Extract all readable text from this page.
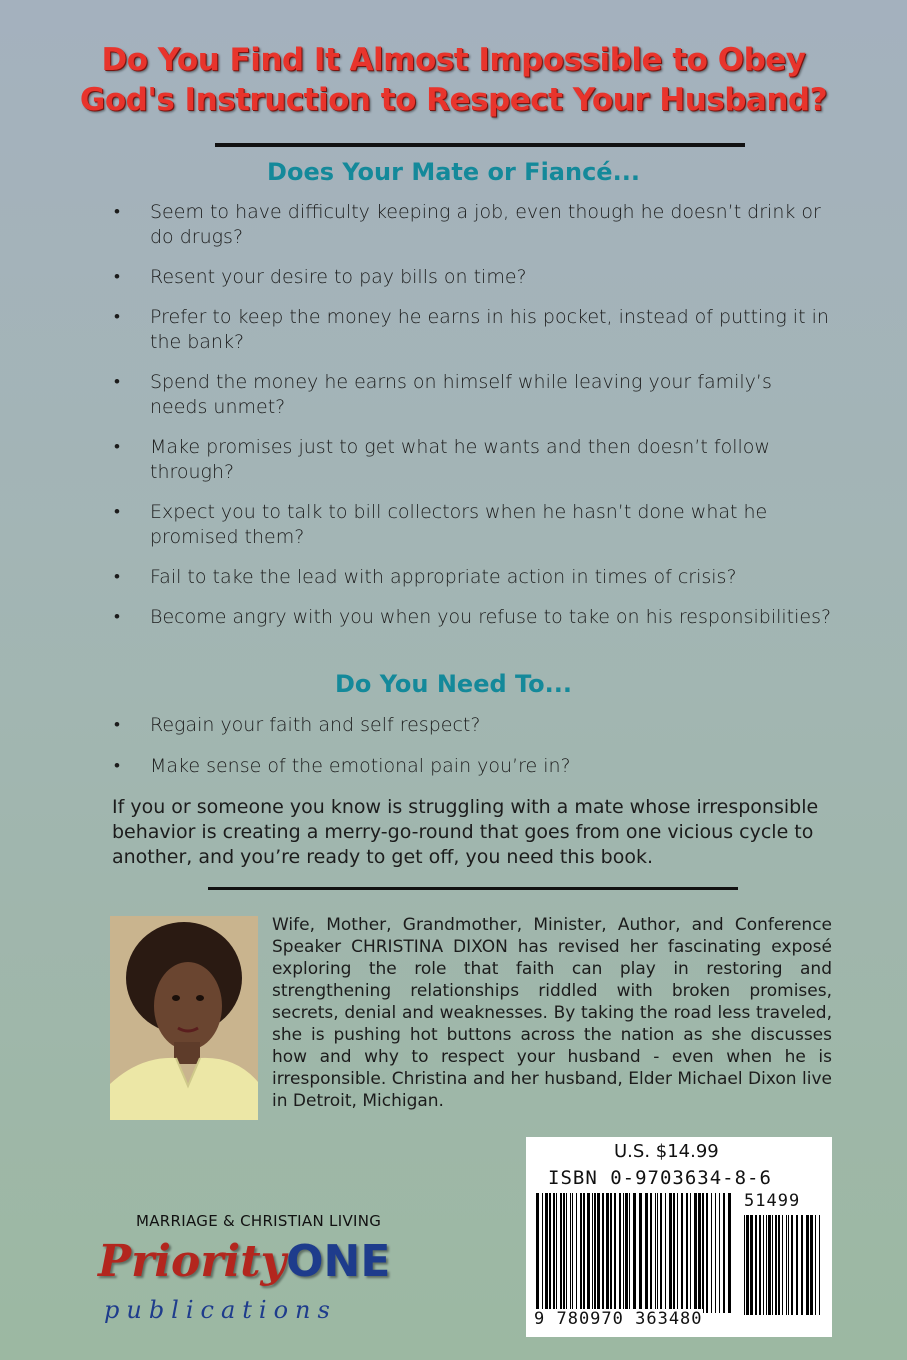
Do You Find It Almost Impossible to Obey
God's Instruction to Respect Your Husband?
Does Your Mate or Fiancé...
• Seem to have difficulty keeping a job, even though he doesn’t drink or do drugs?
• Resent your desire to pay bills on time?
• Prefer to keep the money he earns in his pocket, instead of putting it in the bank?
• Spend the money he earns on himself while leaving your family’s needs unmet?
• Make promises just to get what he wants and then doesn’t follow through?
• Expect you to talk to bill collectors when he hasn’t done what he promised them?
• Fail to take the lead with appropriate action in times of crisis?
• Become angry with you when you refuse to take on his responsibilities?
Do You Need To...
• Regain your faith and self respect?
• Make sense of the emotional pain you’re in?
If you or someone you know is struggling with a mate whose irresponsible behavior is creating a merry-go-round that goes from one vicious cycle to another, and you’re ready to get off, you need this book.
Wife, Mother, Grandmother, Minister, Author, and Conference Speaker CHRISTINA DIXON has revised her fascinating exposé exploring the role that faith can play in restoring and strengthening relationships riddled with broken promises, secrets, denial and weaknesses. By taking the road less traveled, she is pushing hot buttons across the nation as she discusses how and why to respect your husband - even when he is irresponsible. Christina and her husband, Elder Michael Dixon live in Detroit, Michigan.
U.S. $14.99
ISBN 0-9703634-8-6
51499
9 780970 363480
MARRIAGE & CHRISTIAN LIVING
PriorityONE
publications
